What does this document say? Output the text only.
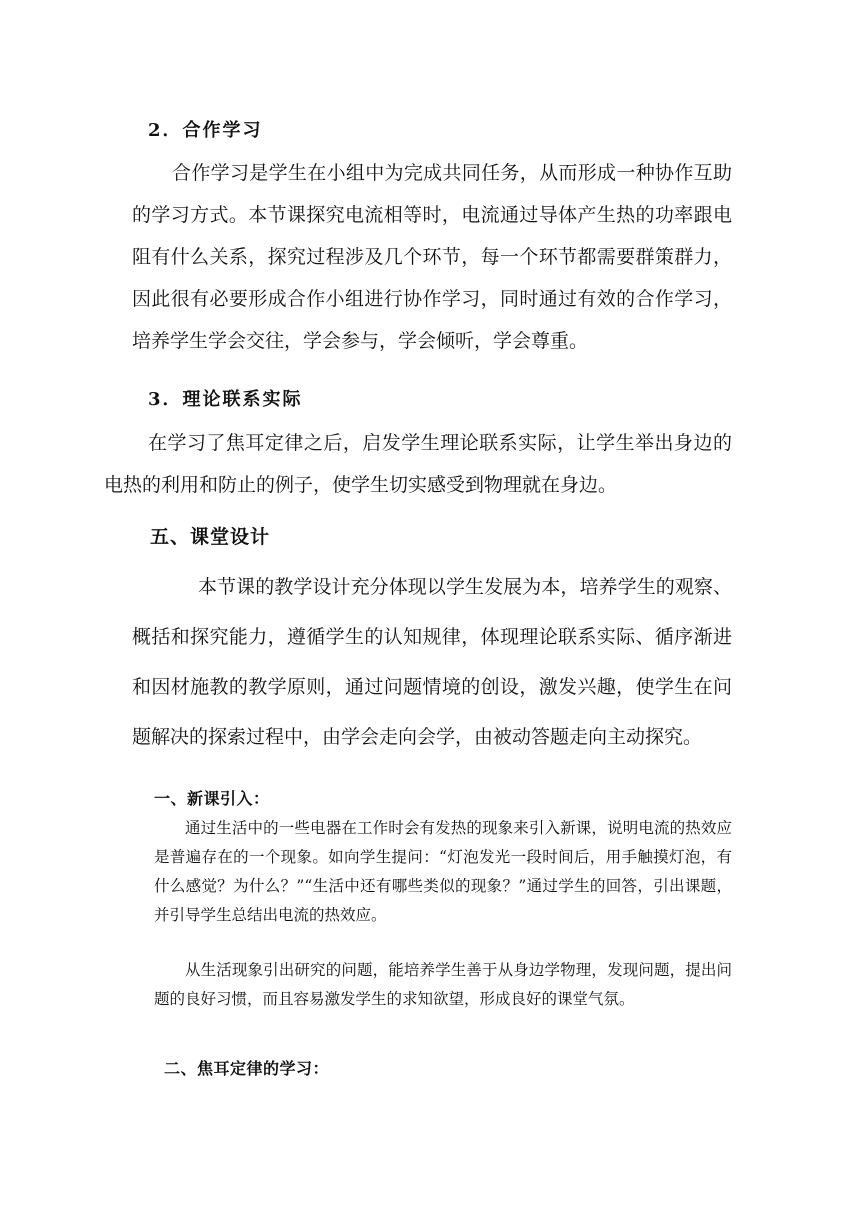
2．合作学习

合作学习是学生在小组中为完成共同任务，从而形成一种协作互助的学习方式。本节课探究电流相等时，电流通过导体产生热的功率跟电阻有什么关系，探究过程涉及几个环节，每一个环节都需要群策群力，因此很有必要形成合作小组进行协作学习，同时通过有效的合作学习，培养学生学会交往，学会参与，学会倾听，学会尊重。

3．理论联系实际

在学习了焦耳定律之后，启发学生理论联系实际，让学生举出身边的电热的利用和防止的例子，使学生切实感受到物理就在身边。

五、课堂设计

本节课的教学设计充分体现以学生发展为本，培养学生的观察、概括和探究能力，遵循学生的认知规律，体现理论联系实际、循序渐进和因材施教的教学原则，通过问题情境的创设，激发兴趣，使学生在问题解决的探索过程中，由学会走向会学，由被动答题走向主动探究。

一、新课引入：

通过生活中的一些电器在工作时会有发热的现象来引入新课，说明电流的热效应是普遍存在的一个现象。如向学生提问：“灯泡发光一段时间后，用手触摸灯泡，有什么感觉？为什么？”“生活中还有哪些类似的现象？”通过学生的回答，引出课题，并引导学生总结出电流的热效应。

从生活现象引出研究的问题，能培养学生善于从身边学物理，发现问题，提出问题的良好习惯，而且容易激发学生的求知欲望，形成良好的课堂气氛。

二、焦耳定律的学习：
